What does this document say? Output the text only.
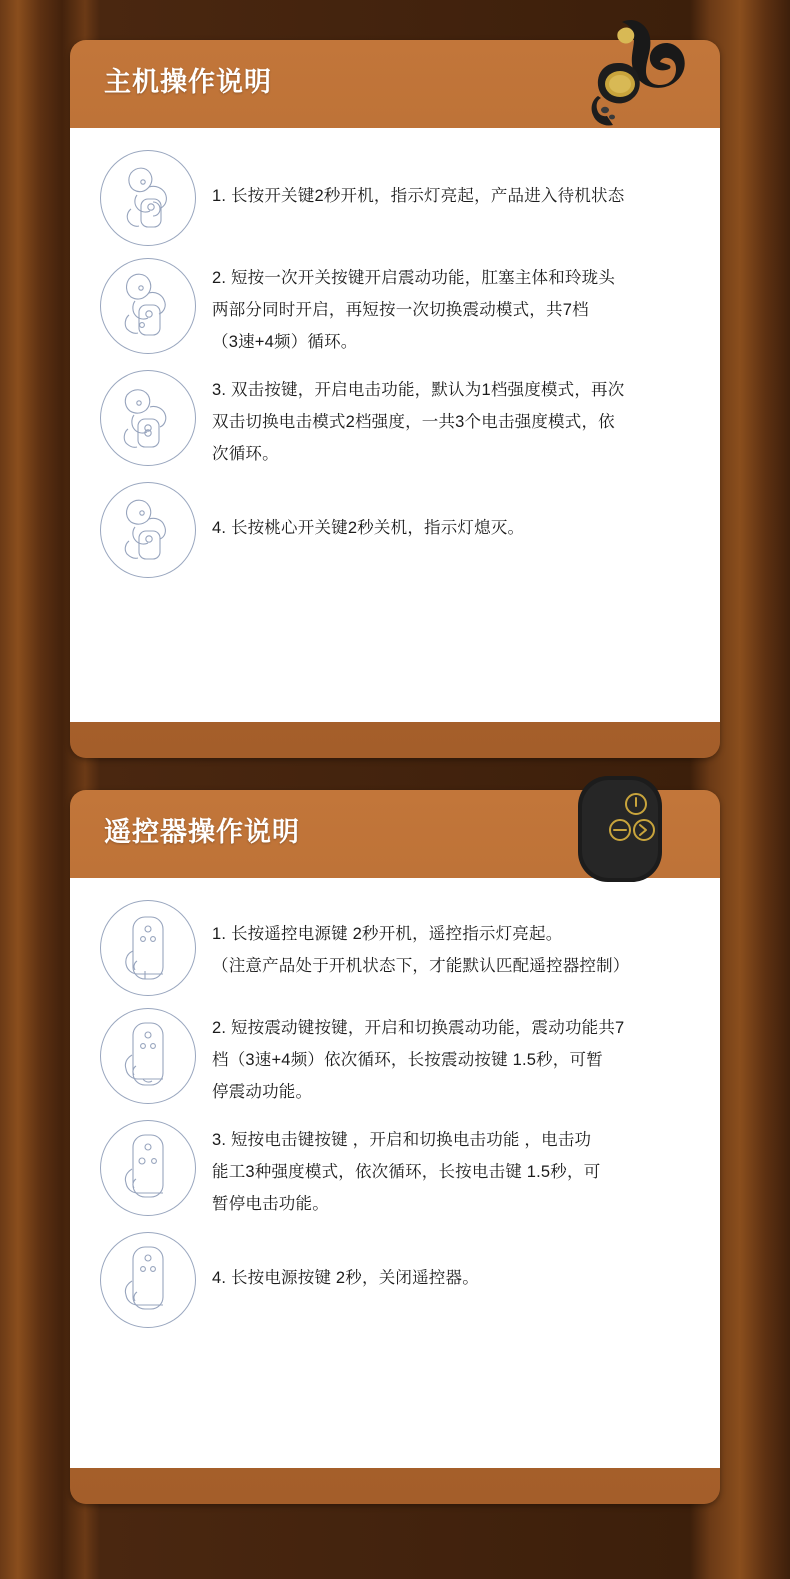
主机操作说明
1. 长按开关键2秒开机，指示灯亮起，产品进入待机状态
2. 短按一次开关按键开启震动功能，肛塞主体和玲珑头
两部分同时开启，再短按一次切换震动模式，共7档
（3速+4频）循环。
3. 双击按键，开启电击功能，默认为1档强度模式，再次
双击切换电击模式2档强度，一共3个电击强度模式，依
次循环。
4. 长按桃心开关键2秒关机，指示灯熄灭。
遥控器操作说明
1. 长按遥控电源键 2秒开机，遥控指示灯亮起。
（注意产品处于开机状态下，才能默认匹配遥控器控制）
2. 短按震动键按键，开启和切换震动功能，震动功能共7
档（3速+4频）依次循环，长按震动按键 1.5秒，可暂
停震动功能。
3. 短按电击键按键 ，开启和切换电击功能 ，电击功
能工3种强度模式，依次循环，长按电击键 1.5秒，可
暂停电击功能。
4. 长按电源按键 2秒，关闭遥控器。
